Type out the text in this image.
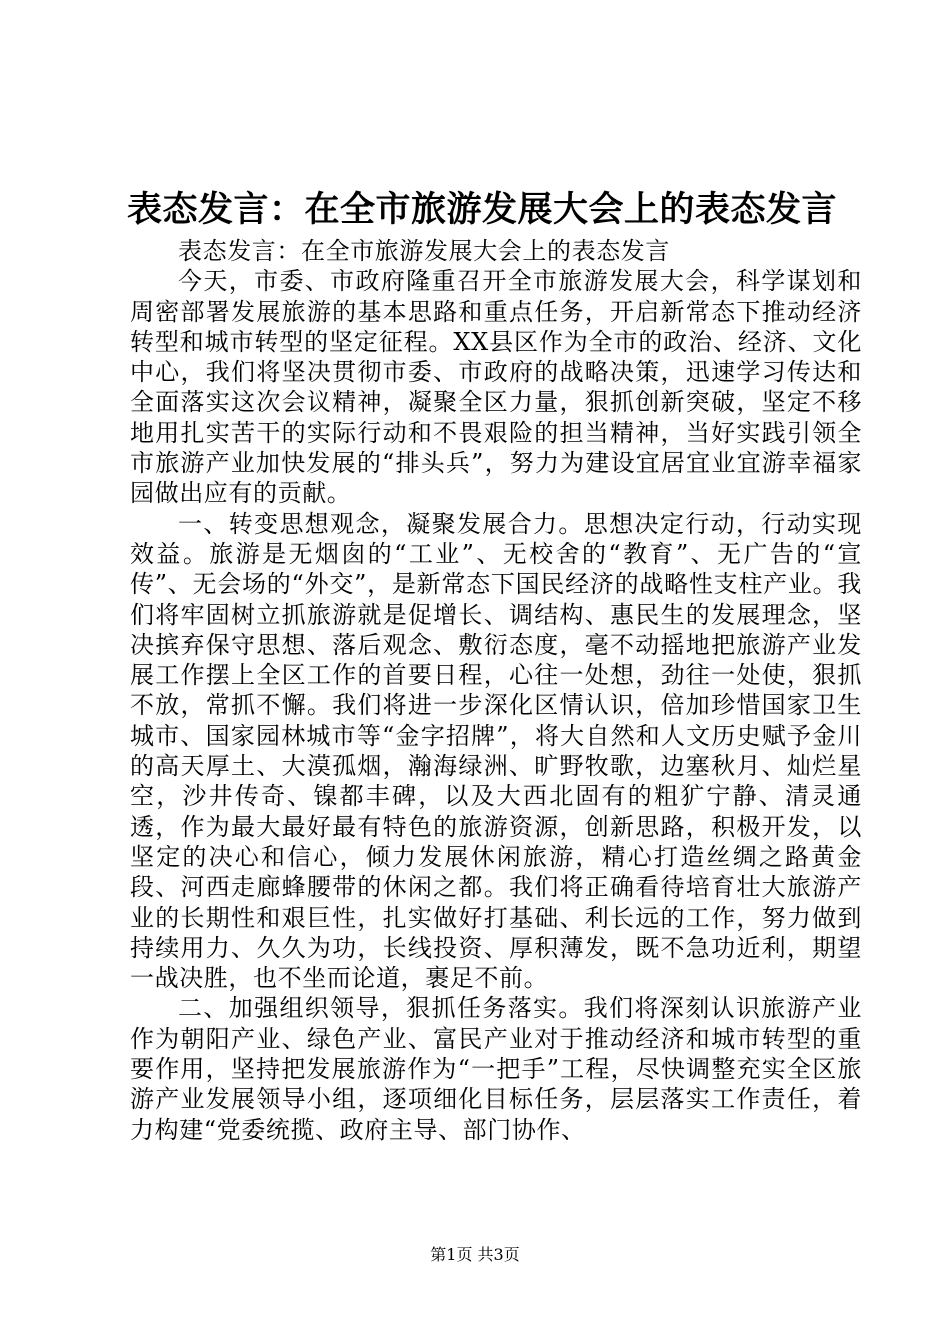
表态发言：在全市旅游发展大会上的表态发言

表态发言：在全市旅游发展大会上的表态发言

今天，市委、市政府隆重召开全市旅游发展大会，科学谋划和周密部署发展旅游的基本思路和重点任务，开启新常态下推动经济转型和城市转型的坚定征程。XX县区作为全市的政治、经济、文化中心，我们将坚决贯彻市委、市政府的战略决策，迅速学习传达和全面落实这次会议精神，凝聚全区力量，狠抓创新突破，坚定不移地用扎实苦干的实际行动和不畏艰险的担当精神，当好实践引领全市旅游产业加快发展的“排头兵”，努力为建设宜居宜业宜游幸福家园做出应有的贡献。

一、转变思想观念，凝聚发展合力。思想决定行动，行动实现效益。旅游是无烟囱的“工业”、无校舍的“教育”、无广告的“宣传”、无会场的“外交”，是新常态下国民经济的战略性支柱产业。我们将牢固树立抓旅游就是促增长、调结构、惠民生的发展理念，坚决摈弃保守思想、落后观念、敷衍态度，毫不动摇地把旅游产业发展工作摆上全区工作的首要日程，心往一处想，劲往一处使，狠抓不放，常抓不懈。我们将进一步深化区情认识，倍加珍惜国家卫生城市、国家园林城市等“金字招牌”，将大自然和人文历史赋予金川的高天厚土、大漠孤烟，瀚海绿洲、旷野牧歌，边塞秋月、灿烂星空，沙井传奇、镍都丰碑，以及大西北固有的粗犷宁静、清灵通透，作为最大最好最有特色的旅游资源，创新思路，积极开发，以坚定的决心和信心，倾力发展休闲旅游，精心打造丝绸之路黄金段、河西走廊蜂腰带的休闲之都。我们将正确看待培育壮大旅游产业的长期性和艰巨性，扎实做好打基础、利长远的工作，努力做到持续用力、久久为功，长线投资、厚积薄发，既不急功近利，期望一战决胜，也不坐而论道，裹足不前。

二、加强组织领导，狠抓任务落实。我们将深刻认识旅游产业作为朝阳产业、绿色产业、富民产业对于推动经济和城市转型的重要作用，坚持把发展旅游作为“一把手”工程，尽快调整充实全区旅游产业发展领导小组，逐项细化目标任务，层层落实工作责任，着力构建“党委统揽、政府主导、部门协作、

第1页 共3页
